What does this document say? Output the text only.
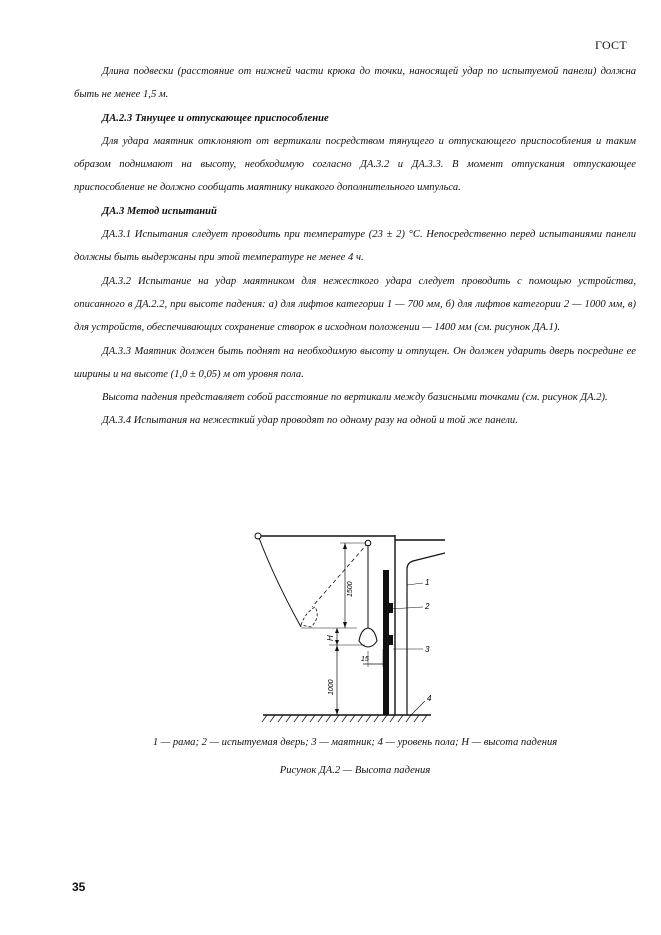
ГОСТ

Длина подвески (расстояние от нижней части крюка до точки, наносящей удар по испытуемой панели) должна быть не менее 1,5 м.

ДА.2.3 Тянущее и отпускающее приспособление

Для удара маятник отклоняют от вертикали посредством тянущего и отпускающего приспособления и таким образом поднимают на высоту, необходимую согласно ДА.3.2 и ДА.3.3. В момент отпускания отпускающее приспособление не должно сообщать маятнику никакого дополнительного импульса.

ДА.3 Метод испытаний

ДА.3.1 Испытания следует проводить при температуре (23 ± 2) °С. Непосредственно перед испытаниями панели должны быть выдержаны при этой температуре не менее 4 ч.

ДА.3.2 Испытание на удар маятником для нежесткого удара следует проводить с помощью устройства, описанного в ДА.2.2, при высоте падения: а) для лифтов категории 1 — 700 мм, б) для лифтов категории 2 — 1000 мм, в) для устройств, обеспечивающих сохранение створок в исходном положении — 1400 мм (см. рисунок ДА.1).

ДА.3.3 Маятник должен быть поднят на необходимую высоту и отпущен. Он должен ударить дверь посредине ее ширины и на высоте (1,0 ± 0,05) м от уровня пола.

Высота падения представляет собой расстояние по вертикали между базисными точками (см. рисунок ДА.2).

ДА.3.4 Испытания на нежесткий удар проводят по одному разу на одной и той же панели.

1500
H
15
1000
1
2
3
4
1 — рама; 2 — испытуемая дверь; 3 — маятник; 4 — уровень пола; H — высота падения
Рисунок ДА.2 — Высота падения
35
